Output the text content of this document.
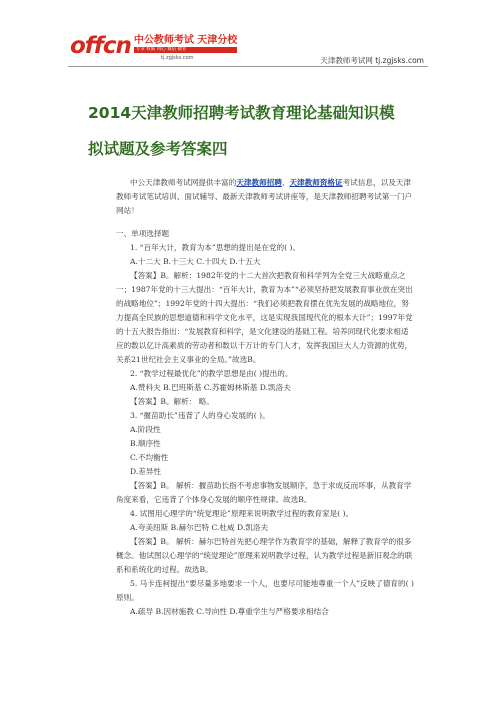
offcn 中公教师考试 天津分校
专业 权威 用心 诚信 敬业
tj.zgjsks.com	天津教师考试网 tj.zgjsks.com
2014天津教师招聘考试教育理论基础知识模拟试题及参考答案四

中公天津教师考试网提供丰富的天津教师招聘、天津教师资格证考试信息，以及天津教师考试笔试培训、面试辅导、最新天津教师考试讲座等，是天津教师招聘考试第一门户网站！

一、单项选择题

1. “百年大计，教育为本”思想的提出是在党的( )。

A.十二大 B.十三大 C.十四大 D.十五大

【答案】B。解析：1982年党的十二大首次把教育和科学列为全党三大战略重点之一；1987年党的十三大提出：“百年大计，教育为本”“必须坚持把发展教育事业放在突出的战略地位”；1992年党的十四大提出：“我们必须把教育摆在优先发展的战略地位，努力提高全民族的思想道德和科学文化水平，这是实现我国现代化的根本大计”；1997年党的十五大报告指出：“发展教育和科学，是文化建设的基础工程。培养同现代化要求相适应的数以亿计高素质的劳动者和数以千万计的专门人才，发挥我国巨大人力资源的优势，关系21世纪社会主义事业的全局。”故选B。

2. “教学过程最优化”的教学思想是由( )提出的。

A.赞科夫 B.巴班斯基 C.苏霍姆林斯基 D.凯洛夫

【答案】B。解析： 略。

3. “揠苗助长”违背了人的身心发展的( )。

A.阶段性

B.顺序性

C.不均衡性

D.差异性

【答案】B。 解析：揠苗助长指不考虑事物发展顺序，急于求成反而坏事，从教育学角度来看，它违背了个体身心发展的顺序性规律。故选B。

4. 试图用心理学的“统觉理论”原理来说明教学过程的教育家是( )。

A.夸美纽斯 B.赫尔巴特 C.杜威 D.凯洛夫

【答案】B。 解析：赫尔巴特首先把心理学作为教育学的基础，解释了教育学的很多概念。他试图以心理学的“统觉理论”原理来说明教学过程，认为教学过程是新旧观念的联系和系统化的过程。故选B。

5. 马卡连柯提出“要尽量多地要求一个人，也要尽可能地尊重一个人”反映了德育的( )原则。

A.疏导 B.因材施教 C.导向性 D.尊重学生与严格要求相结合
